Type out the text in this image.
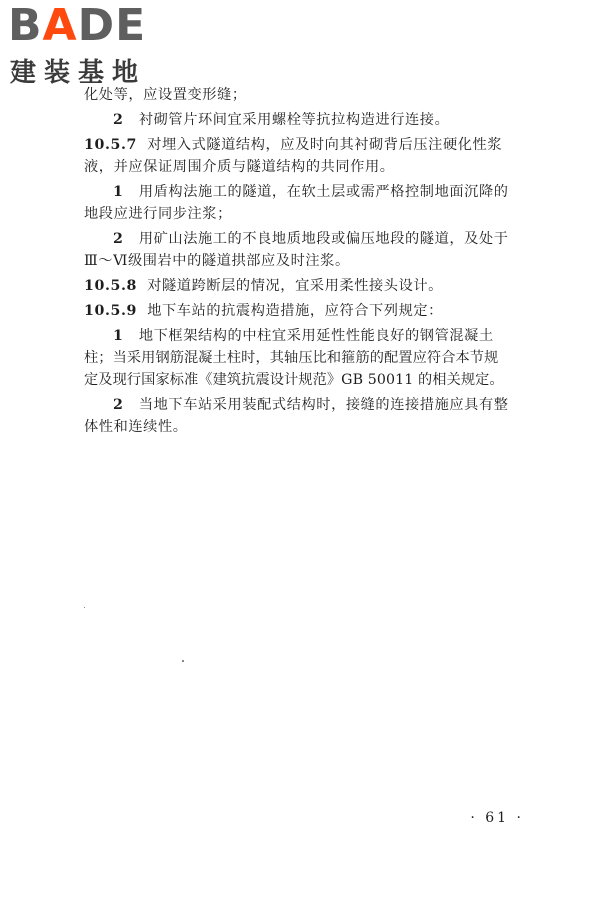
BADE
建装基地
化处等，应设置变形缝；
2 衬砌管片环间宜采用螺栓等抗拉构造进行连接。
10.5.7 对埋入式隧道结构，应及时向其衬砌背后压注硬化性浆
液，并应保证周围介质与隧道结构的共同作用。
1 用盾构法施工的隧道，在软土层或需严格控制地面沉降的
地段应进行同步注浆；
2 用矿山法施工的不良地质地段或偏压地段的隧道，及处于
Ⅲ～Ⅵ级围岩中的隧道拱部应及时注浆。
10.5.8 对隧道跨断层的情况，宜采用柔性接头设计。
10.5.9 地下车站的抗震构造措施，应符合下列规定：
1 地下框架结构的中柱宜采用延性性能良好的钢管混凝土
柱；当采用钢筋混凝土柱时，其轴压比和箍筋的配置应符合本节规
定及现行国家标准《建筑抗震设计规范》GB 50011 的相关规定。
2 当地下车站采用装配式结构时，接缝的连接措施应具有整
体性和连续性。
· 61 ·
